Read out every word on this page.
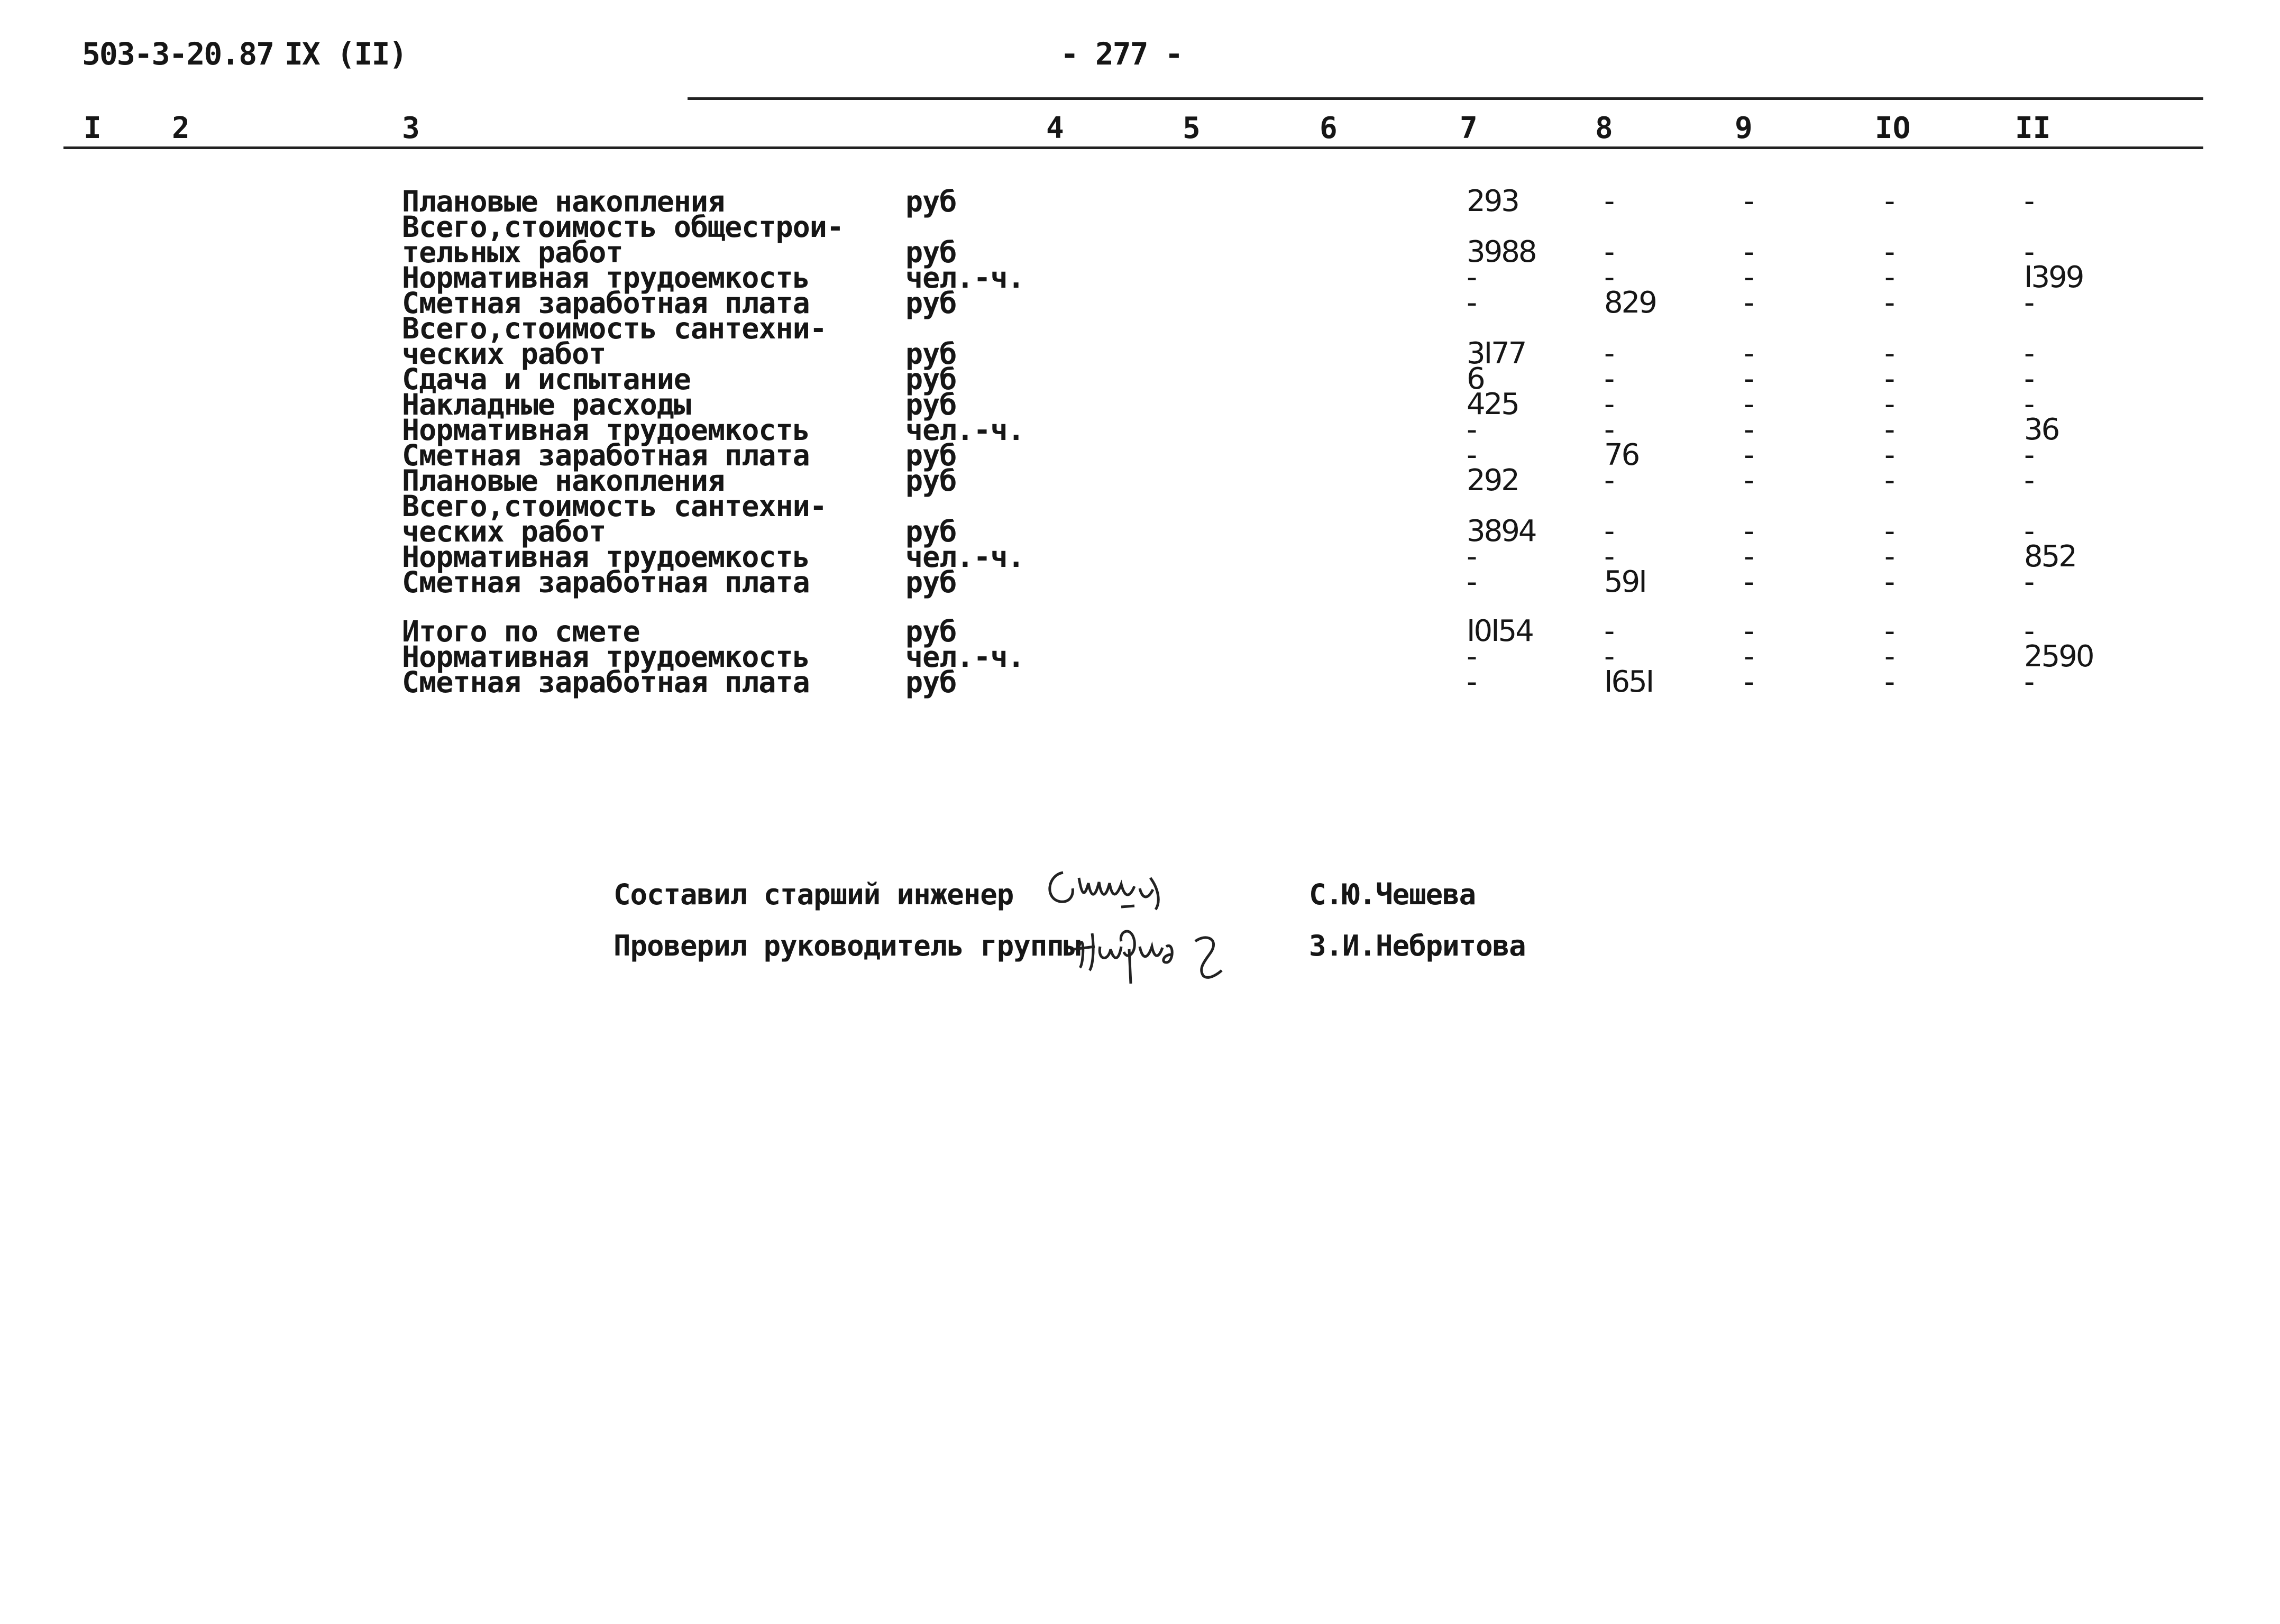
503-3-20.87 IX (II)	- 277 -
I 2	3	4	5	6	7	8	9	IO	II
Плановые накопления	руб	293	-	-	-	-
Всего,стоимость общестрои-
тельных работ	руб	3988 -	-	-	-
Нормативная трудоемкость	чел.-ч.	-	-	-	-	I399
Сметная заработная плата	руб	-	829	-	-	-
Всего,стоимость сантехни-
ческих работ	руб	3I77	-	-	-	-
Сдача и испытание	руб	6	-	-	-	-
Накладные расходы	руб	425	-	-	-	-
Нормативная трудоемкость	чел.-ч.	-	-	-	-	36
Сметная заработная плата	руб	-	76	-	-	-
Плановые накопления	руб	292	-	-	-	-
Всего,стоимость сантехни-
ческих работ	руб	3894 -	-	-	-
Нормативная трудоемкость	чел.-ч.	-	-	-	-	852
Сметная заработная плата	руб	-	59I	-	-	-
Итого по смете	руб	I0I54 -	-	-	-
Нормативная трудоемкость	чел.-ч.	-	-	-	-	2590
Сметная заработная плата	руб	-	I65I	-	-	-
Составил старший инженер	С.Ю.Чешева
Проверил руководитель группы	З.И.Небритова
